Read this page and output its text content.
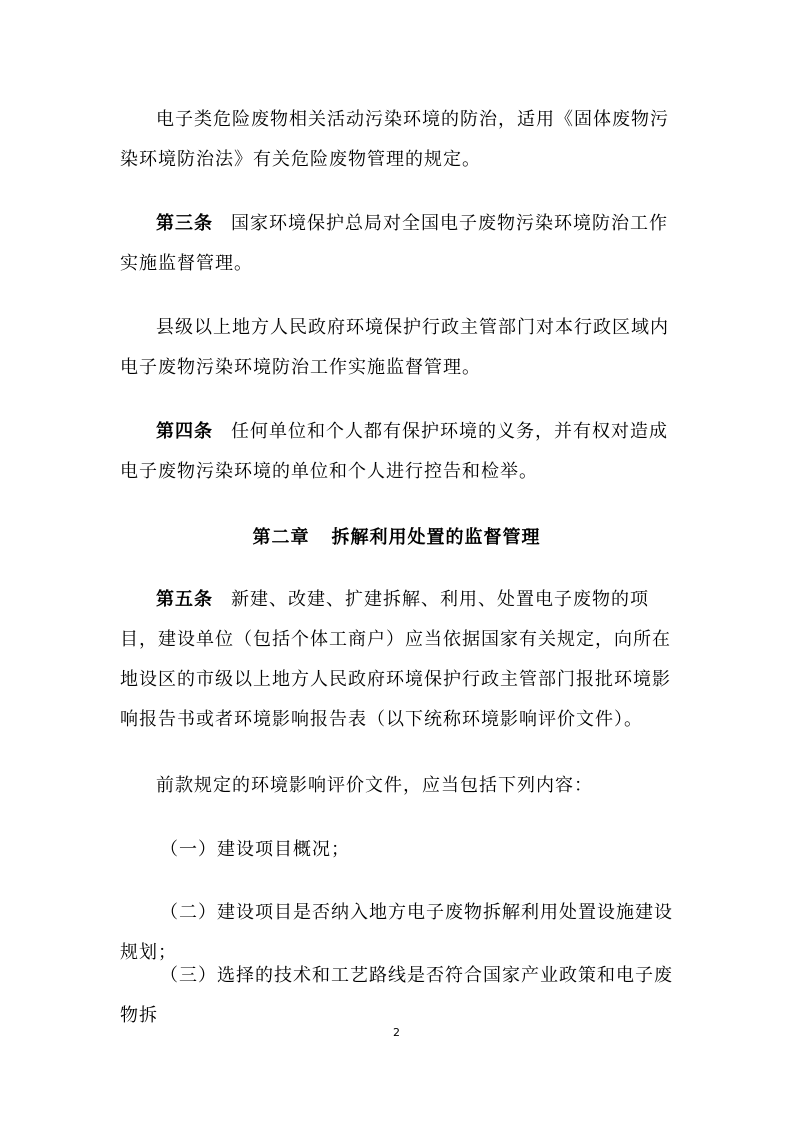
电子类危险废物相关活动污染环境的防治，适用《固体废物污染环境防治法》有关危险废物管理的规定。

第三条 国家环境保护总局对全国电子废物污染环境防治工作实施监督管理。

县级以上地方人民政府环境保护行政主管部门对本行政区域内电子废物污染环境防治工作实施监督管理。

第四条 任何单位和个人都有保护环境的义务，并有权对造成电子废物污染环境的单位和个人进行控告和检举。

第二章 拆解利用处置的监督管理

第五条 新建、改建、扩建拆解、利用、处置电子废物的项目，建设单位（包括个体工商户）应当依据国家有关规定，向所在地设区的市级以上地方人民政府环境保护行政主管部门报批环境影响报告书或者环境影响报告表（以下统称环境影响评价文件）。

前款规定的环境影响评价文件，应当包括下列内容：

（一）建设项目概况；

（二）建设项目是否纳入地方电子废物拆解利用处置设施建设规划；

（三）选择的技术和工艺路线是否符合国家产业政策和电子废物拆

2
